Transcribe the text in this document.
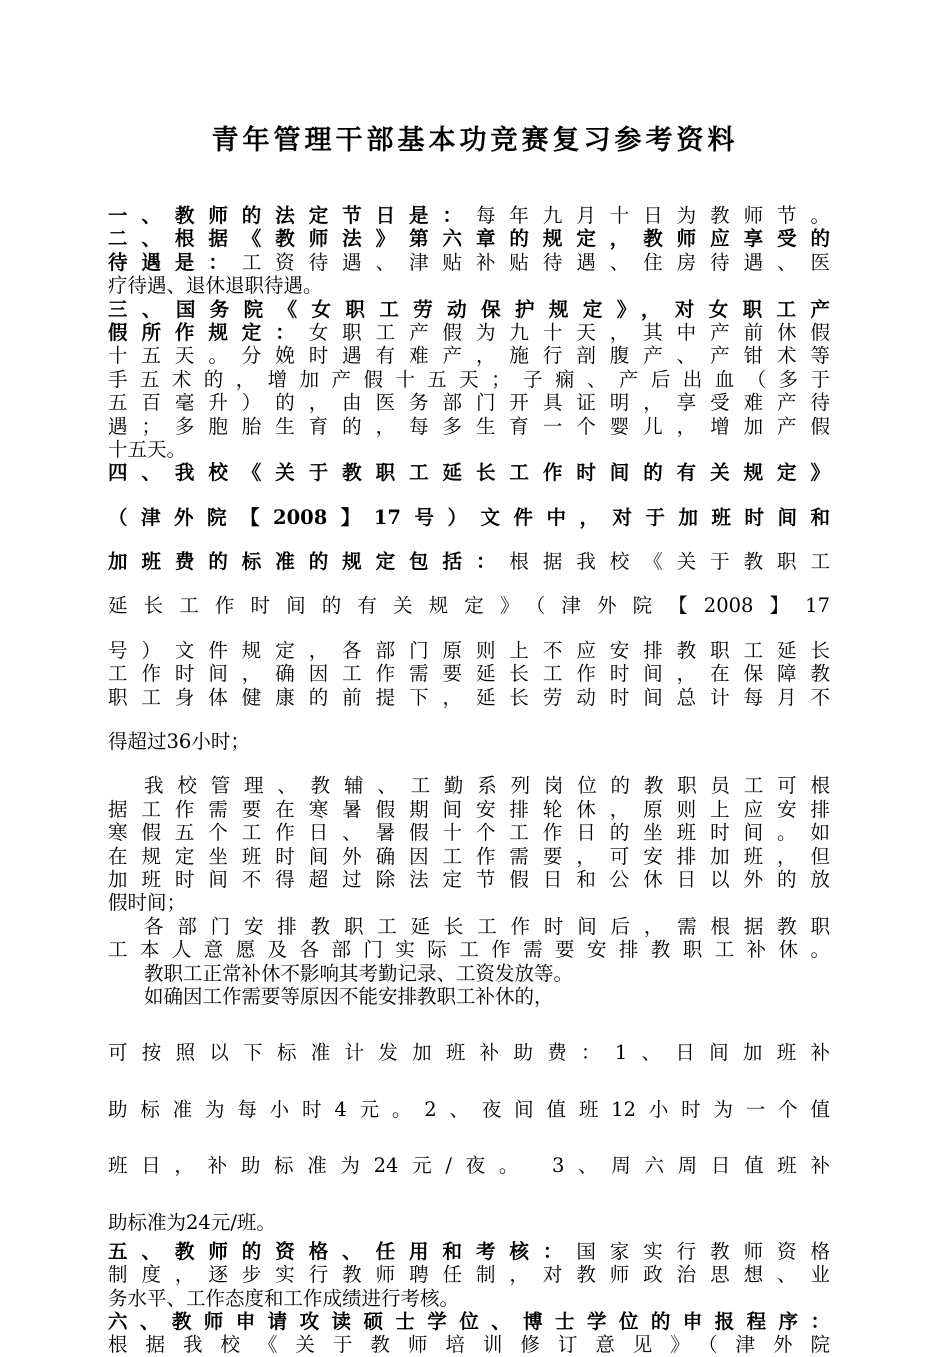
青年管理干部基本功竞赛复习参考资料
一、教师的法定节日是：每年九月十日为教师节。
二、根据《教师法》第六章的规定，教师应享受的
待遇是：工资待遇、津贴补贴待遇、住房待遇、医
疗待遇、退休退职待遇。
三、国务院《女职工劳动保护规定》，对女职工产
假所作规定：女职工产假为九十天，其中产前休假
十五天。分娩时遇有难产，施行剖腹产、产钳术等
手五术的，增加产假十五天；子痫、产后出血（多于
五百毫升）的，由医务部门开具证明，享受难产待
遇；多胞胎生育的，每多生育一个婴儿，增加产假
十五天。
四、我校《关于教职工延长工作时间的有关规定》
（津外院【2008】17号）文件中，对于加班时间和
加班费的标准的规定包括：根据我校《关于教职工
延长工作时间的有关规定》（津外院【2008】17
号）文件规定，各部门原则上不应安排教职工延长
工作时间，确因工作需要延长工作时间，在保障教
职工身体健康的前提下，延长劳动时间总计每月不
得超过36小时；
我校管理、教辅、工勤系列岗位的教职员工可根
据工作需要在寒暑假期间安排轮休，原则上应安排
寒假五个工作日、暑假十个工作日的坐班时间。如
在规定坐班时间外确因工作需要，可安排加班，但
加班时间不得超过除法定节假日和公休日以外的放
假时间；
各部门安排教职工延长工作时间后，需根据教职
工本人意愿及各部门实际工作需要安排教职工补休。
教职工正常补休不影响其考勤记录、工资发放等。
如确因工作需要等原因不能安排教职工补休的，
可按照以下标准计发加班补助费：1、日间加班补
助标准为每小时4元。2、夜间值班12小时为一个值
班日，补助标准为24元/夜。 3、周六周日值班补
助标准为24元/班。
五、教师的资格、任用和考核：国家实行教师资格
制度，逐步实行教师聘任制，对教师政治思想、业
务水平、工作态度和工作成绩进行考核。
六、教师申请攻读硕士学位、博士学位的申报程序：
根据我校《关于教师培训修订意见》（津外院
